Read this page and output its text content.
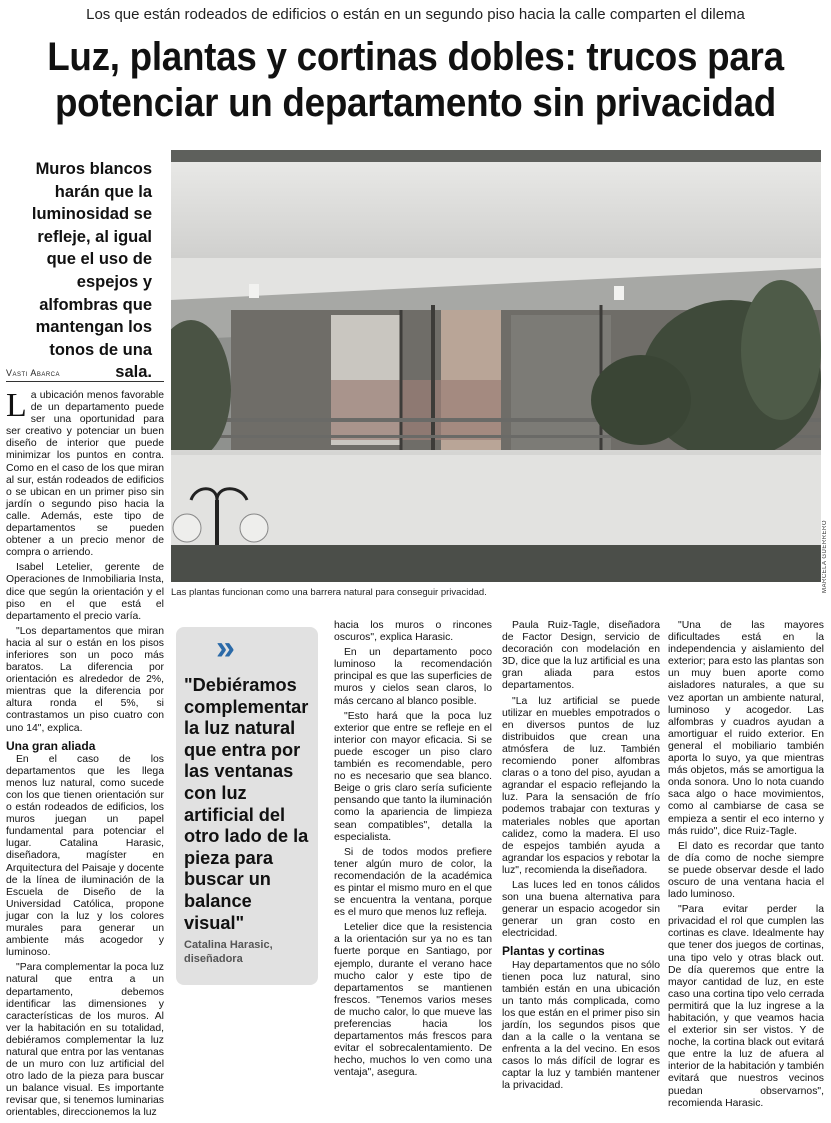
Los que están rodeados de edificios o están en un segundo piso hacia la calle comparten el dilema
Luz, plantas y cortinas dobles: trucos para
potenciar un departamento sin privacidad
Muros blancos harán que la luminosidad se refleje, al igual que el uso de espejos y alfombras que mantengan los tonos de una sala.
Vasti Abarca
MARCELA GUERRERO
Las plantas funcionan como una barrera natural para conseguir privacidad.

La ubicación menos favorable de un departamento puede ser una oportunidad para ser creativo y potenciar un buen diseño de interior que puede minimizar los puntos en contra. Como en el caso de los que miran al sur, están rodeados de edificios o se ubican en un primer piso sin jardín o segundo piso hacia la calle. Además, este tipo de departamentos se pueden obtener a un precio menor de compra o arriendo.

Isabel Letelier, gerente de Operaciones de Inmobiliaria Insta, dice que según la orientación y el piso en el que está el departamento el precio varía.

"Los departamentos que miran hacia al sur o están en los pisos inferiores son un poco más baratos. La diferencia por orientación es alrededor de 2%, mientras que la diferencia por altura ronda el 5%, si contrastamos un piso cuatro con uno 14", explica.

Una gran aliada

En el caso de los departamentos que les llega menos luz natural, como sucede con los que tienen orientación sur o están rodeados de edificios, los muros juegan un papel fundamental para potenciar el lugar. Catalina Harasic, diseñadora, magíster en Arquitectura del Paisaje y docente de la línea de iluminación de la Escuela de Diseño de la Universidad Católica, propone jugar con la luz y los colores murales para generar un ambiente más acogedor y luminoso.

"Para complementar la poca luz natural que entra a un departamento, debemos identificar las dimensiones y características de los muros. Al ver la habitación en su totalidad, debiéramos complementar la luz natural que entra por las ventanas de un muro con luz artificial del otro lado de la pieza para buscar un balance visual. Es importante revisar que, si tenemos luminarias orientables, direccionemos la luz

»
"Debiéramos complementar la luz natural que entra por las ventanas con luz artificial del otro lado de la pieza para buscar un balance visual"
Catalina Harasic, diseñadora

hacia los muros o rincones oscuros", explica Harasic.

En un departamento poco luminoso la recomendación principal es que las superficies de muros y cielos sean claros, lo más cercano al blanco posible.

"Esto hará que la poca luz exterior que entre se refleje en el interior con mayor eficacia. Si se puede escoger un piso claro también es recomendable, pero no es necesario que sea blanco. Beige o gris claro sería suficiente pensando que tanto la iluminación como la apariencia de limpieza sean compatibles", detalla la especialista.

Si de todos modos prefiere tener algún muro de color, la recomendación de la académica es pintar el mismo muro en el que se encuentra la ventana, porque es el muro que menos luz refleja.

Letelier dice que la resistencia a la orientación sur ya no es tan fuerte porque en Santiago, por ejemplo, durante el verano hace mucho calor y este tipo de departamentos se mantienen frescos. "Tenemos varios meses de mucho calor, lo que mueve las preferencias hacia los departamentos más frescos para evitar el sobrecalentamiento. De hecho, muchos lo ven como una ventaja", asegura.

Paula Ruiz-Tagle, diseñadora de Factor Design, servicio de decoración con modelación en 3D, dice que la luz artificial es una gran aliada para estos departamentos.

"La luz artificial se puede utilizar en muebles empotrados o en diversos puntos de luz distribuidos que crean una atmósfera de luz. También recomiendo poner alfombras claras o a tono del piso, ayudan a agrandar el espacio reflejando la luz. Para la sensación de frío podemos trabajar con texturas y materiales nobles que aportan calidez, como la madera. El uso de espejos también ayuda a agrandar los espacios y rebotar la luz", recomienda la diseñadora.

Las luces led en tonos cálidos son una buena alternativa para generar un espacio acogedor sin generar un gran costo en electricidad.

Plantas y cortinas

Hay departamentos que no sólo tienen poca luz natural, sino también están en una ubicación un tanto más complicada, como los que están en el primer piso sin jardín, los segundos pisos que dan a la calle o la ventana se enfrenta a la del vecino. En esos casos lo más difícil de lograr es captar la luz y también mantener la privacidad.

"Una de las mayores dificultades está en la independencia y aislamiento del exterior; para esto las plantas son un muy buen aporte como aisladores naturales, a que su vez aportan un ambiente natural, luminoso y acogedor. Las alfombras y cuadros ayudan a amortiguar el ruido exterior. En general el mobiliario también aporta lo suyo, ya que mientras más objetos, más se amortigua la onda sonora. Uno lo nota cuando saca algo o hace movimientos, como al cambiarse de casa se empieza a sentir el eco interno y más ruido", dice Ruiz-Tagle.

El dato es recordar que tanto de día como de noche siempre se puede observar desde el lado oscuro de una ventana hacia el lado luminoso.

"Para evitar perder la privacidad el rol que cumplen las cortinas es clave. Idealmente hay que tener dos juegos de cortinas, una tipo velo y otras black out. De día queremos que entre la mayor cantidad de luz, en este caso una cortina tipo velo cerrada permitirá que la luz ingrese a la habitación, y que veamos hacia el exterior sin ser vistos. Y de noche, la cortina black out evitará que entre la luz de afuera al interior de la habitación y también evitará que nuestros vecinos puedan observarnos", recomienda Harasic.
